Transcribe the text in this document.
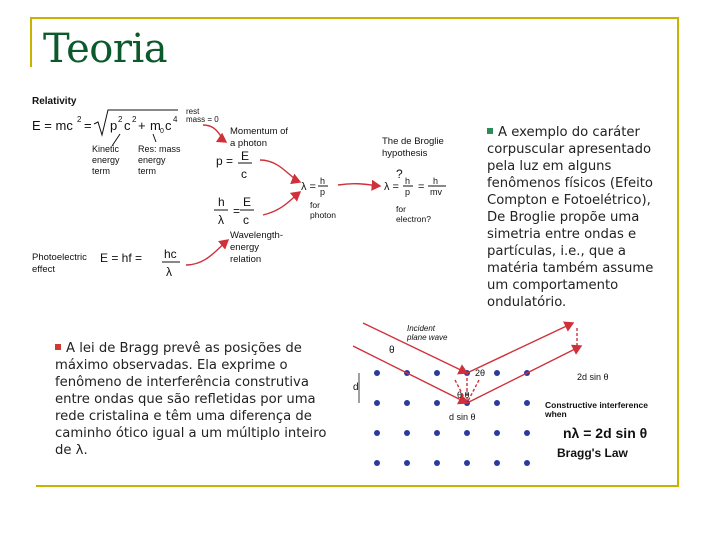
Teoria
Relativity
E = mc 2 = p 2 c 2 + m 0 c 4
rest
mass = 0
Kinetic
energy
term
Res: mass
energy
term
Momentum of
a photon
p = E
c
λ = h
p
for
photon
h
λ
=
E
c
Wavelength-
energy
relation
The de Broglie
hypothesis
?
λ = h
p = h
mv
for
electron?
Photoelectric
effect
E = hf = hc
λ
A exemplo do caráter corpuscular apresentado pela luz em alguns fenômenos físicos (Efeito Compton e Fotoelétrico), De Broglie propõe uma simetria entre ondas e partículas, i.e., que a matéria também assume um comportamento ondulatório.
A lei de Bragg prevê as posições de máximo observadas. Ela exprime o fenômeno de interferência construtiva entre ondas que são refletidas por uma rede cristalina e têm uma diferença de caminho ótico igual a um múltiplo inteiro de λ.
Incident
plane wave
θ
2θ
d
θ θ
d sin θ
2d sin θ
Constructive interference
when
nλ = 2d sin θ
Bragg's Law
